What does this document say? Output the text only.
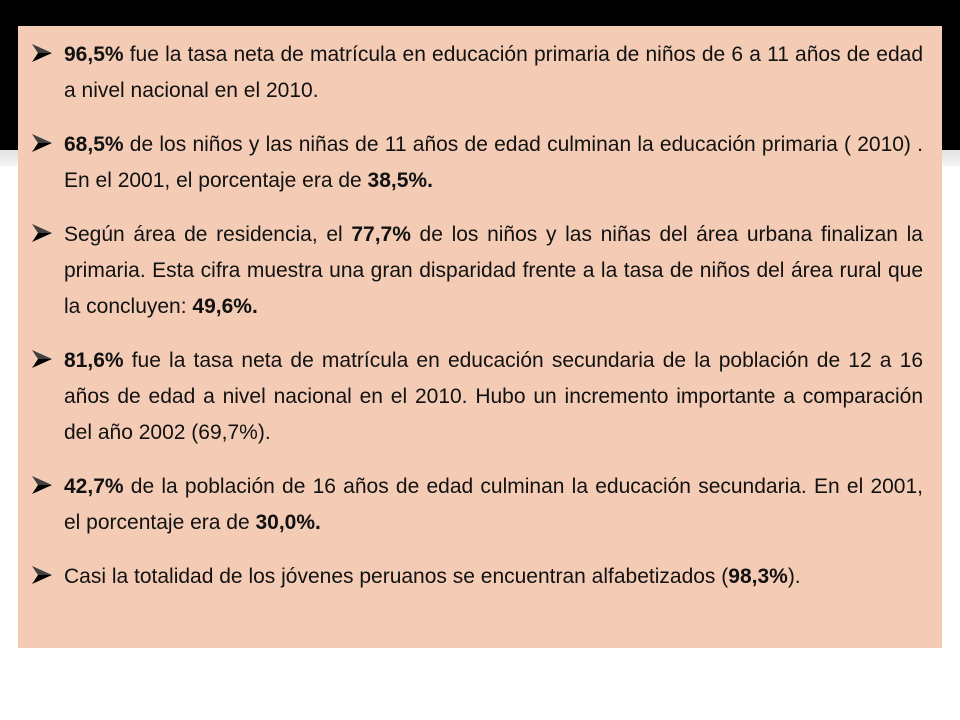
96,5% fue la tasa neta de matrícula en educación primaria de niños de 6 a 11 años de edad a nivel nacional en el 2010.
68,5% de los niños y las niñas de 11 años de edad culminan la educación primaria ( 2010) . En el 2001, el porcentaje era de 38,5%.
Según área de residencia, el 77,7% de los niños y las niñas del área urbana finalizan la primaria. Esta cifra muestra una gran disparidad frente a la tasa de niños del área rural que la concluyen: 49,6%.
81,6% fue la tasa neta de matrícula en educación secundaria de la población de 12 a 16 años de edad a nivel nacional en el 2010. Hubo un incremento importante a comparación del año 2002 (69,7%).
42,7% de la población de 16 años de edad culminan la educación secundaria. En el 2001, el porcentaje era de 30,0%.
Casi la totalidad de los jóvenes peruanos se encuentran alfabetizados (98,3%).
